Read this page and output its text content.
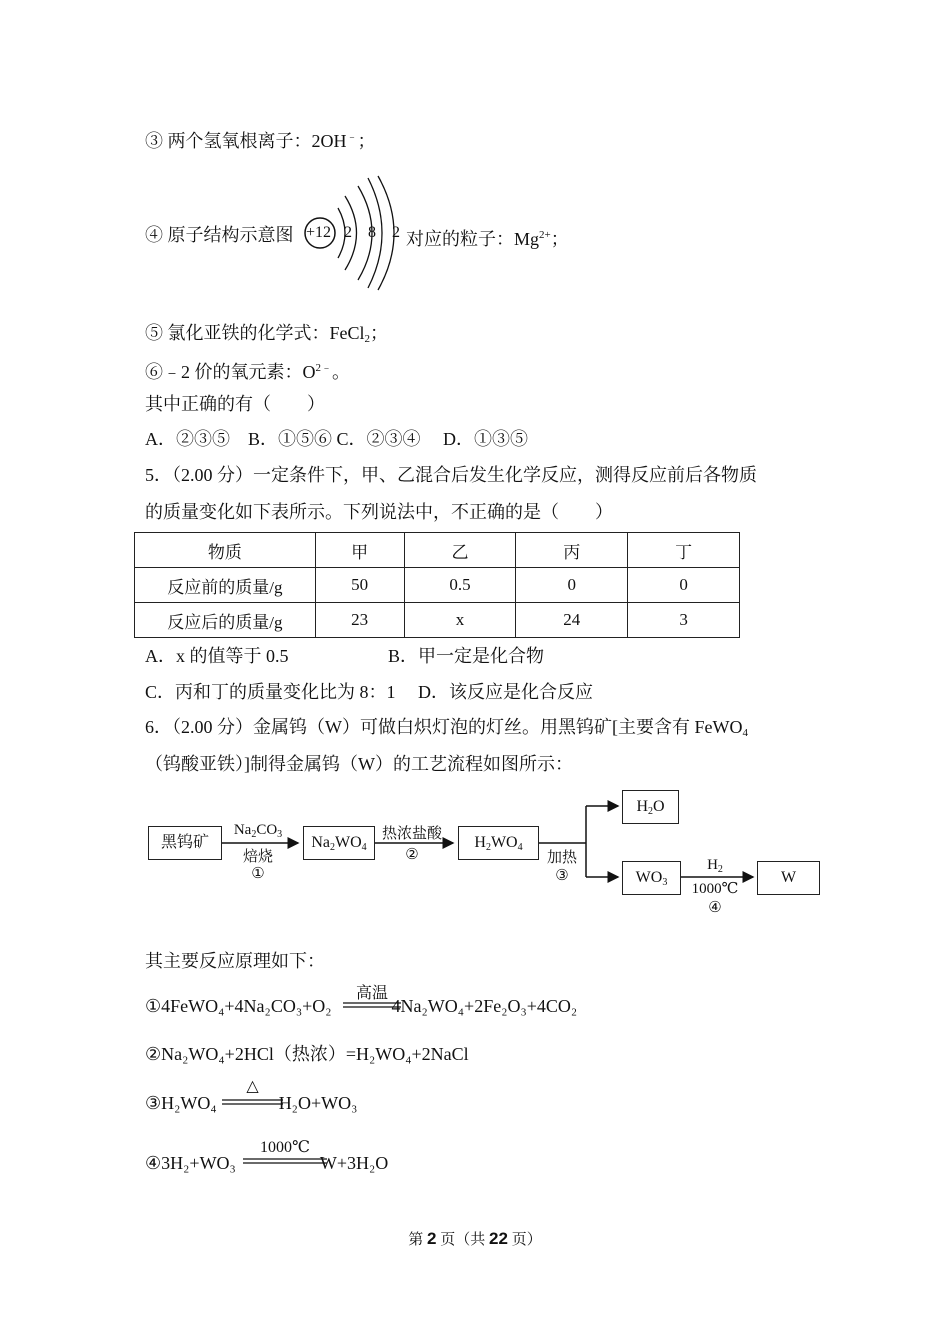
③ 两个氢氧根离子：2OH﹣；
④ 原子结构示意图 +12 2 8 2 对应的粒子：$Mg^{2+}$；
⑤ 氯化亚铁的化学式：FeCl$_2$；
⑥﹣2 价的氧元素：$O^{2﹣}$。
其中正确的有（　　）
A．②③⑤　B．①⑤⑥ C．②③④　 D．①③⑤
5．（2.00 分）一定条件下，甲、乙混合后发生化学反应，测得反应前后各物质
的质量变化如下表所示。下列说法中，不正确的是（　　）
物质	甲	乙	丙	丁
反应前的质量/g	50	0.5	0	0
反应后的质量/g	23	x	24	3
A．x 的值等于 0.5	B．甲一定是化合物
C．丙和丁的质量变化比为 8：1　 D．该反应是化合反应
6．（2.00 分）金属钨（W）可做白炽灯泡的灯丝。用黑钨矿[主要含有 FeWO$_4$
（钨酸亚铁）]制得金属钨（W）的工艺流程如图所示：
黑钨矿	$Na_2WO_4$	$H_2WO_4$
$H_2O$
$WO_3$	W
$Na_2CO_3$
焙烧
①
热浓盐酸
②	加热
③
$H_2$
1000℃
④
其主要反应原理如下：
①4FeWO₄+4Na₂CO₃+O₂	4Na₂WO₄+2Fe₂O₃+4CO₂
高温
②Na₂WO₄+2HCl（热浓）=H₂WO₄+2NaCl
③H₂WO₄	H₂O+WO₃
△
④3H₂+WO₃	W+3H₂O
1000℃
第 2 页（共 22 页）
